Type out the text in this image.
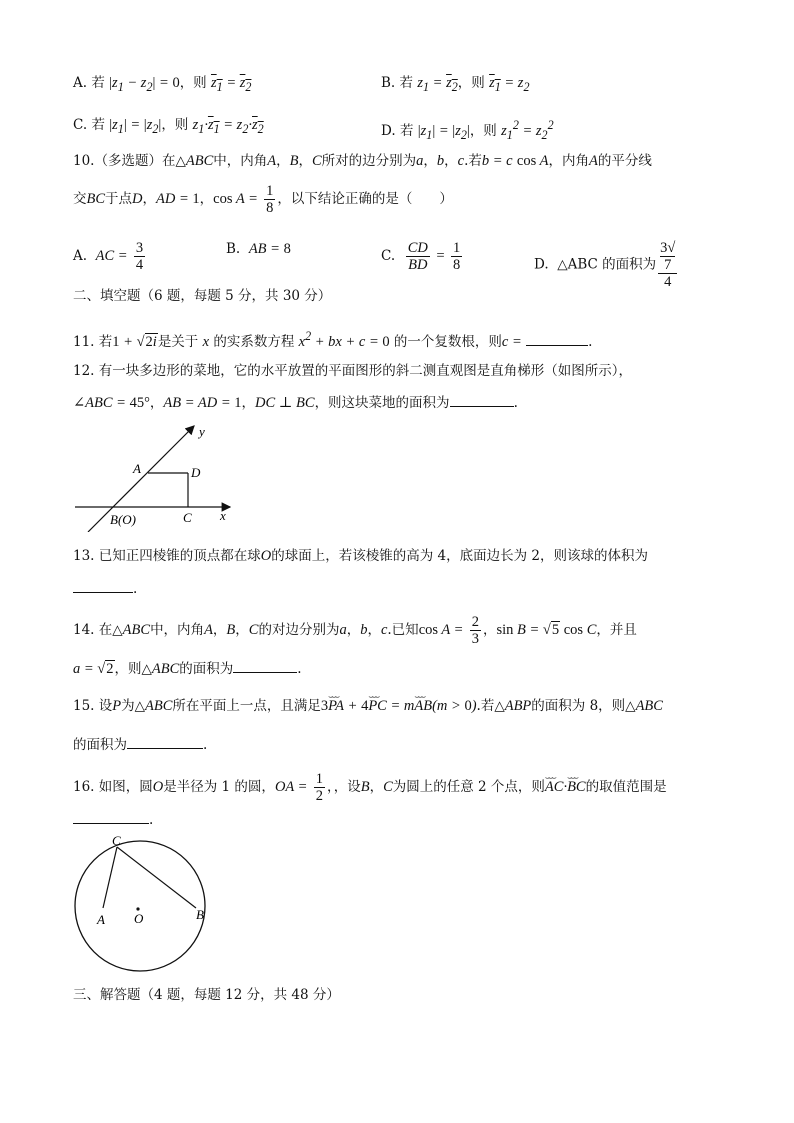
A. 若 $|z_1 - z_2| = 0$，则 $z_1 = z_2$	B. 若 $z_1 = z_2$，则 $z_1 = z_2$
C. 若 $|z_1| = |z_2|$，则 $z_1\cdot z_1 = z_2\cdot z_2$	D. 若 $|z_1| = |z_2|$，则 $z_1^2 = z_2^2$
10.（多选题）在△ABC中，内角A，B，C所对的边分别为a，b，c.若b = c cos A，内角A的平分线
交BC于点D，AD = 1，$\cos A = \frac{1}{8}$ ，以下结论正确的是（　　）
A. AC = $\frac{3}{4}$	B. AB = 8	C. $\frac{CD}{BD} = \frac{1}{8}$	D. △ABC 的面积为 3√
7
4
二、填空题（6 题，每题 5 分，共 30 分）
11. 若1 + √2i是关于 x 的实系数方程 $x^2$ + bx + c = 0 的一个复数根，则c =	.
12. 有一块多边形的菜地，它的水平放置的平面图形的斜二测直观图是直角梯形（如图所示），
∠ABC = 45°，AB = AD = 1，DC ⊥ BC，则这块菜地的面积为	.
y
x
A	D
C
B(O)
13. 已知正四棱锥的顶点都在球O的球面上，若该棱锥的高为 4，底面边长为 2，则该球的体积为
.
14. 在△ABC中，内角A，B，C的对边分别为a，b，c.已知$\cos A = \frac{2}{3}$ ，sin B = √5 cos C，并且
a = √2，则△ABC的面积为	.
15. 设P为△ABC所在平面上一点，且满足3⌣⌣⌣ PA + 4⌣⌣⌣ PC = m⌣⌣⌣ AB(m > 0).若△ABP的面积为 8，则△ABC
的面积为	.
16. 如图，圆O是半径为 1 的圆，OA = $\frac{1}{2}$ ，，设B，C为圆上的任意 2 个点，则⌣⌣⌣ AC·⌣⌣⌣ BC的取值范围是
.
C
A O	B
三、解答题（4 题，每题 12 分，共 48 分）
